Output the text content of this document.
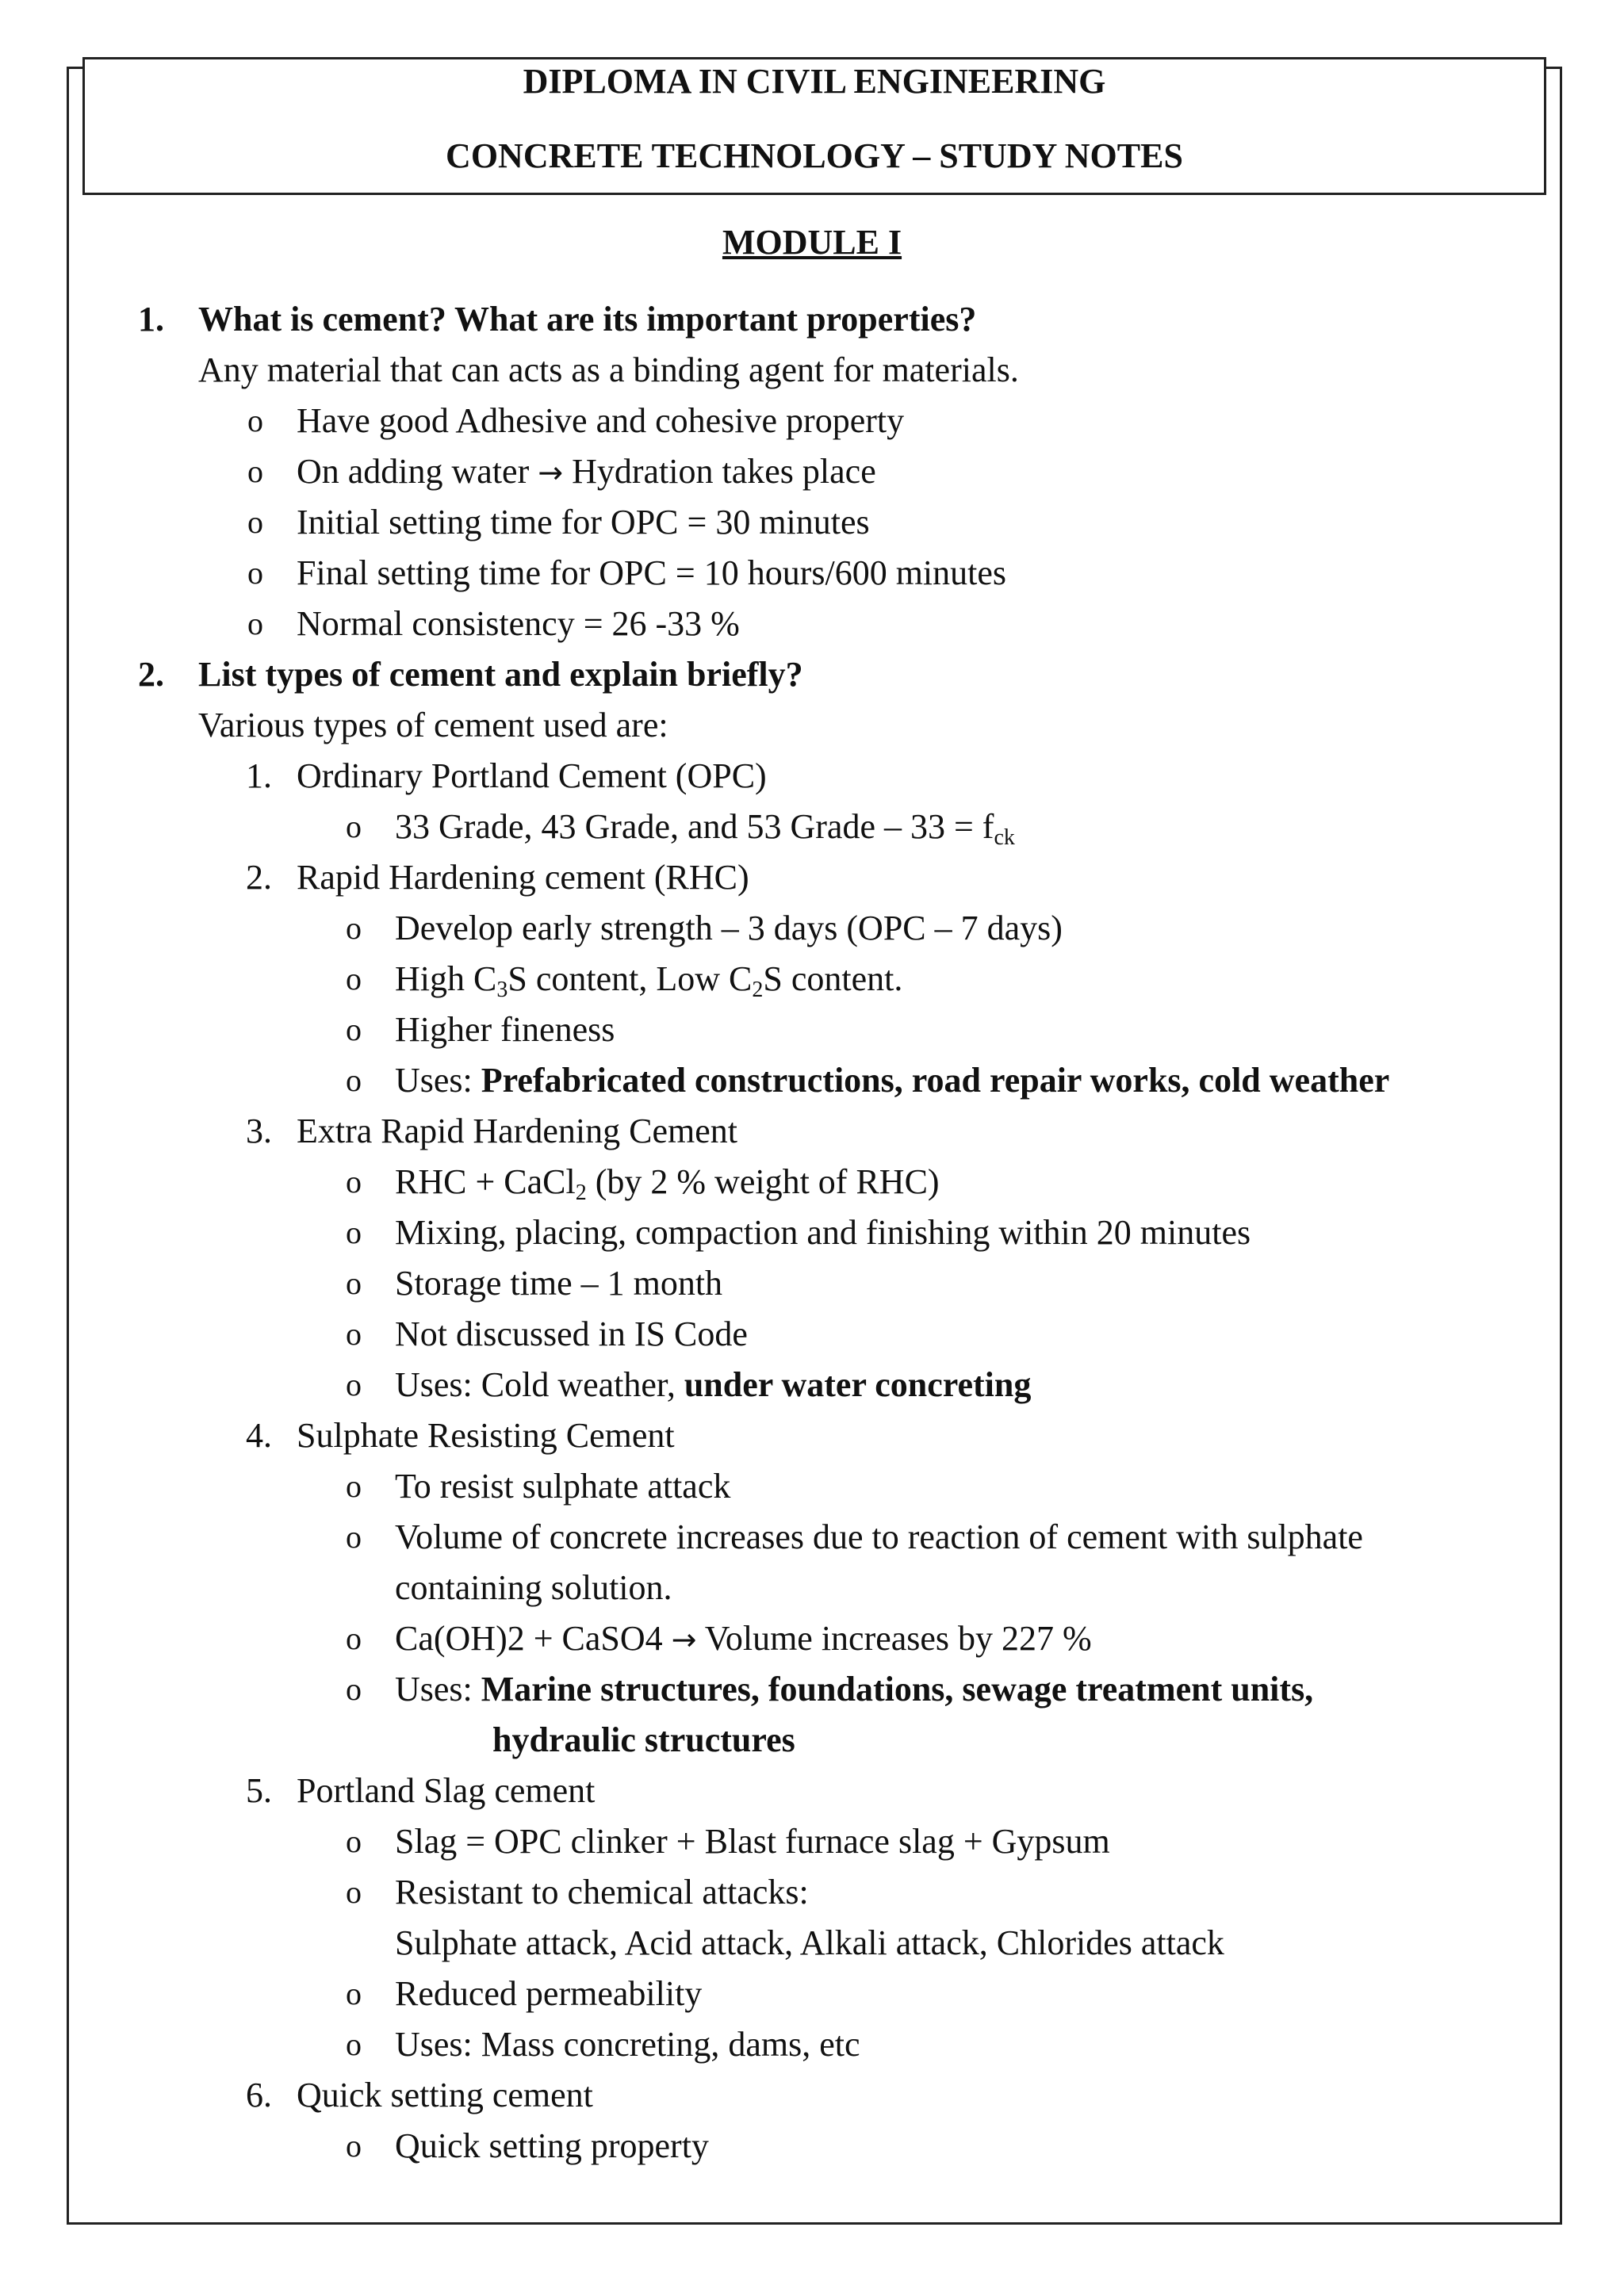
DIPLOMA IN CIVIL ENGINEERING
CONCRETE TECHNOLOGY – STUDY NOTES
MODULE I
1. What is cement? What are its important properties?
Any material that can acts as a binding agent for materials.
o Have good Adhesive and cohesive property
o On adding water → Hydration takes place
o Initial setting time for OPC = 30 minutes
o Final setting time for OPC = 10 hours/600 minutes
o Normal consistency = 26 -33 %
2. List types of cement and explain briefly?
Various types of cement used are:
1. Ordinary Portland Cement (OPC)
o 33 Grade, 43 Grade, and 53 Grade – $33 = f_{ck}$
2. Rapid Hardening cement (RHC)
o Develop early strength – 3 days (OPC – 7 days)
o High $C_3S$ content, Low $C_2S$ content.
o Higher fineness
o Uses: Prefabricated constructions, road repair works, cold weather
3. Extra Rapid Hardening Cement
o RHC + CaCl$_2$ (by 2 % weight of RHC)
o Mixing, placing, compaction and finishing within 20 minutes
o Storage time – 1 month
o Not discussed in IS Code
o Uses: Cold weather, under water concreting
4. Sulphate Resisting Cement
o To resist sulphate attack
o Volume of concrete increases due to reaction of cement with sulphate
containing solution.
o Ca(OH)2 + CaSO4 → Volume increases by 227 %
o Uses: Marine structures, foundations, sewage treatment units,
hydraulic structures
5. Portland Slag cement
o Slag = OPC clinker + Blast furnace slag + Gypsum
o Resistant to chemical attacks:
Sulphate attack, Acid attack, Alkali attack, Chlorides attack
o Reduced permeability
o Uses: Mass concreting, dams, etc
6. Quick setting cement
o Quick setting property
